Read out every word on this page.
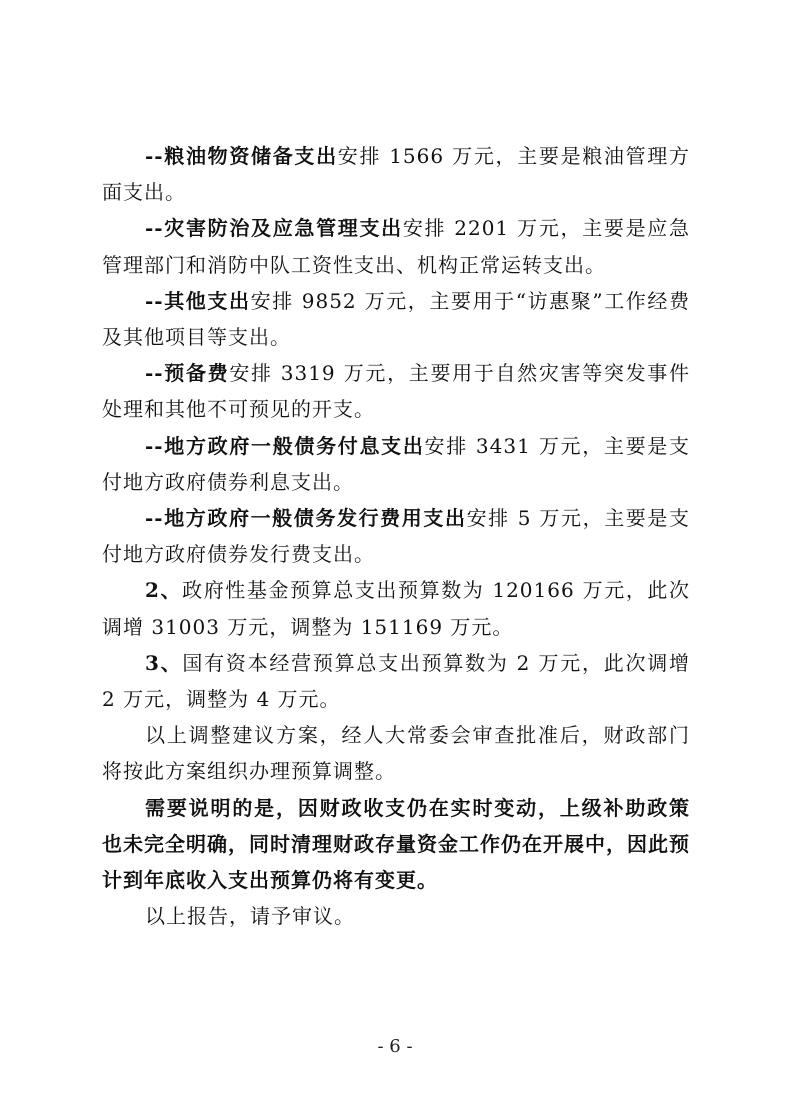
--粮油物资储备支出安排 1566 万元，主要是粮油管理方面支出。

--灾害防治及应急管理支出安排 2201 万元，主要是应急管理部门和消防中队工资性支出、机构正常运转支出。

--其他支出安排 9852 万元，主要用于“访惠聚”工作经费及其他项目等支出。

--预备费安排 3319 万元，主要用于自然灾害等突发事件处理和其他不可预见的开支。

--地方政府一般债务付息支出安排 3431 万元，主要是支付地方政府债券利息支出。

--地方政府一般债务发行费用支出安排 5 万元，主要是支付地方政府债券发行费支出。

2、政府性基金预算总支出预算数为 120166 万元，此次调增 31003 万元，调整为 151169 万元。

3、国有资本经营预算总支出预算数为 2 万元，此次调增 2 万元，调整为 4 万元。

以上调整建议方案，经人大常委会审查批准后，财政部门将按此方案组织办理预算调整。

需要说明的是，因财政收支仍在实时变动，上级补助政策也未完全明确，同时清理财政存量资金工作仍在开展中，因此预计到年底收入支出预算仍将有变更。

以上报告，请予审议。

- 6 -
